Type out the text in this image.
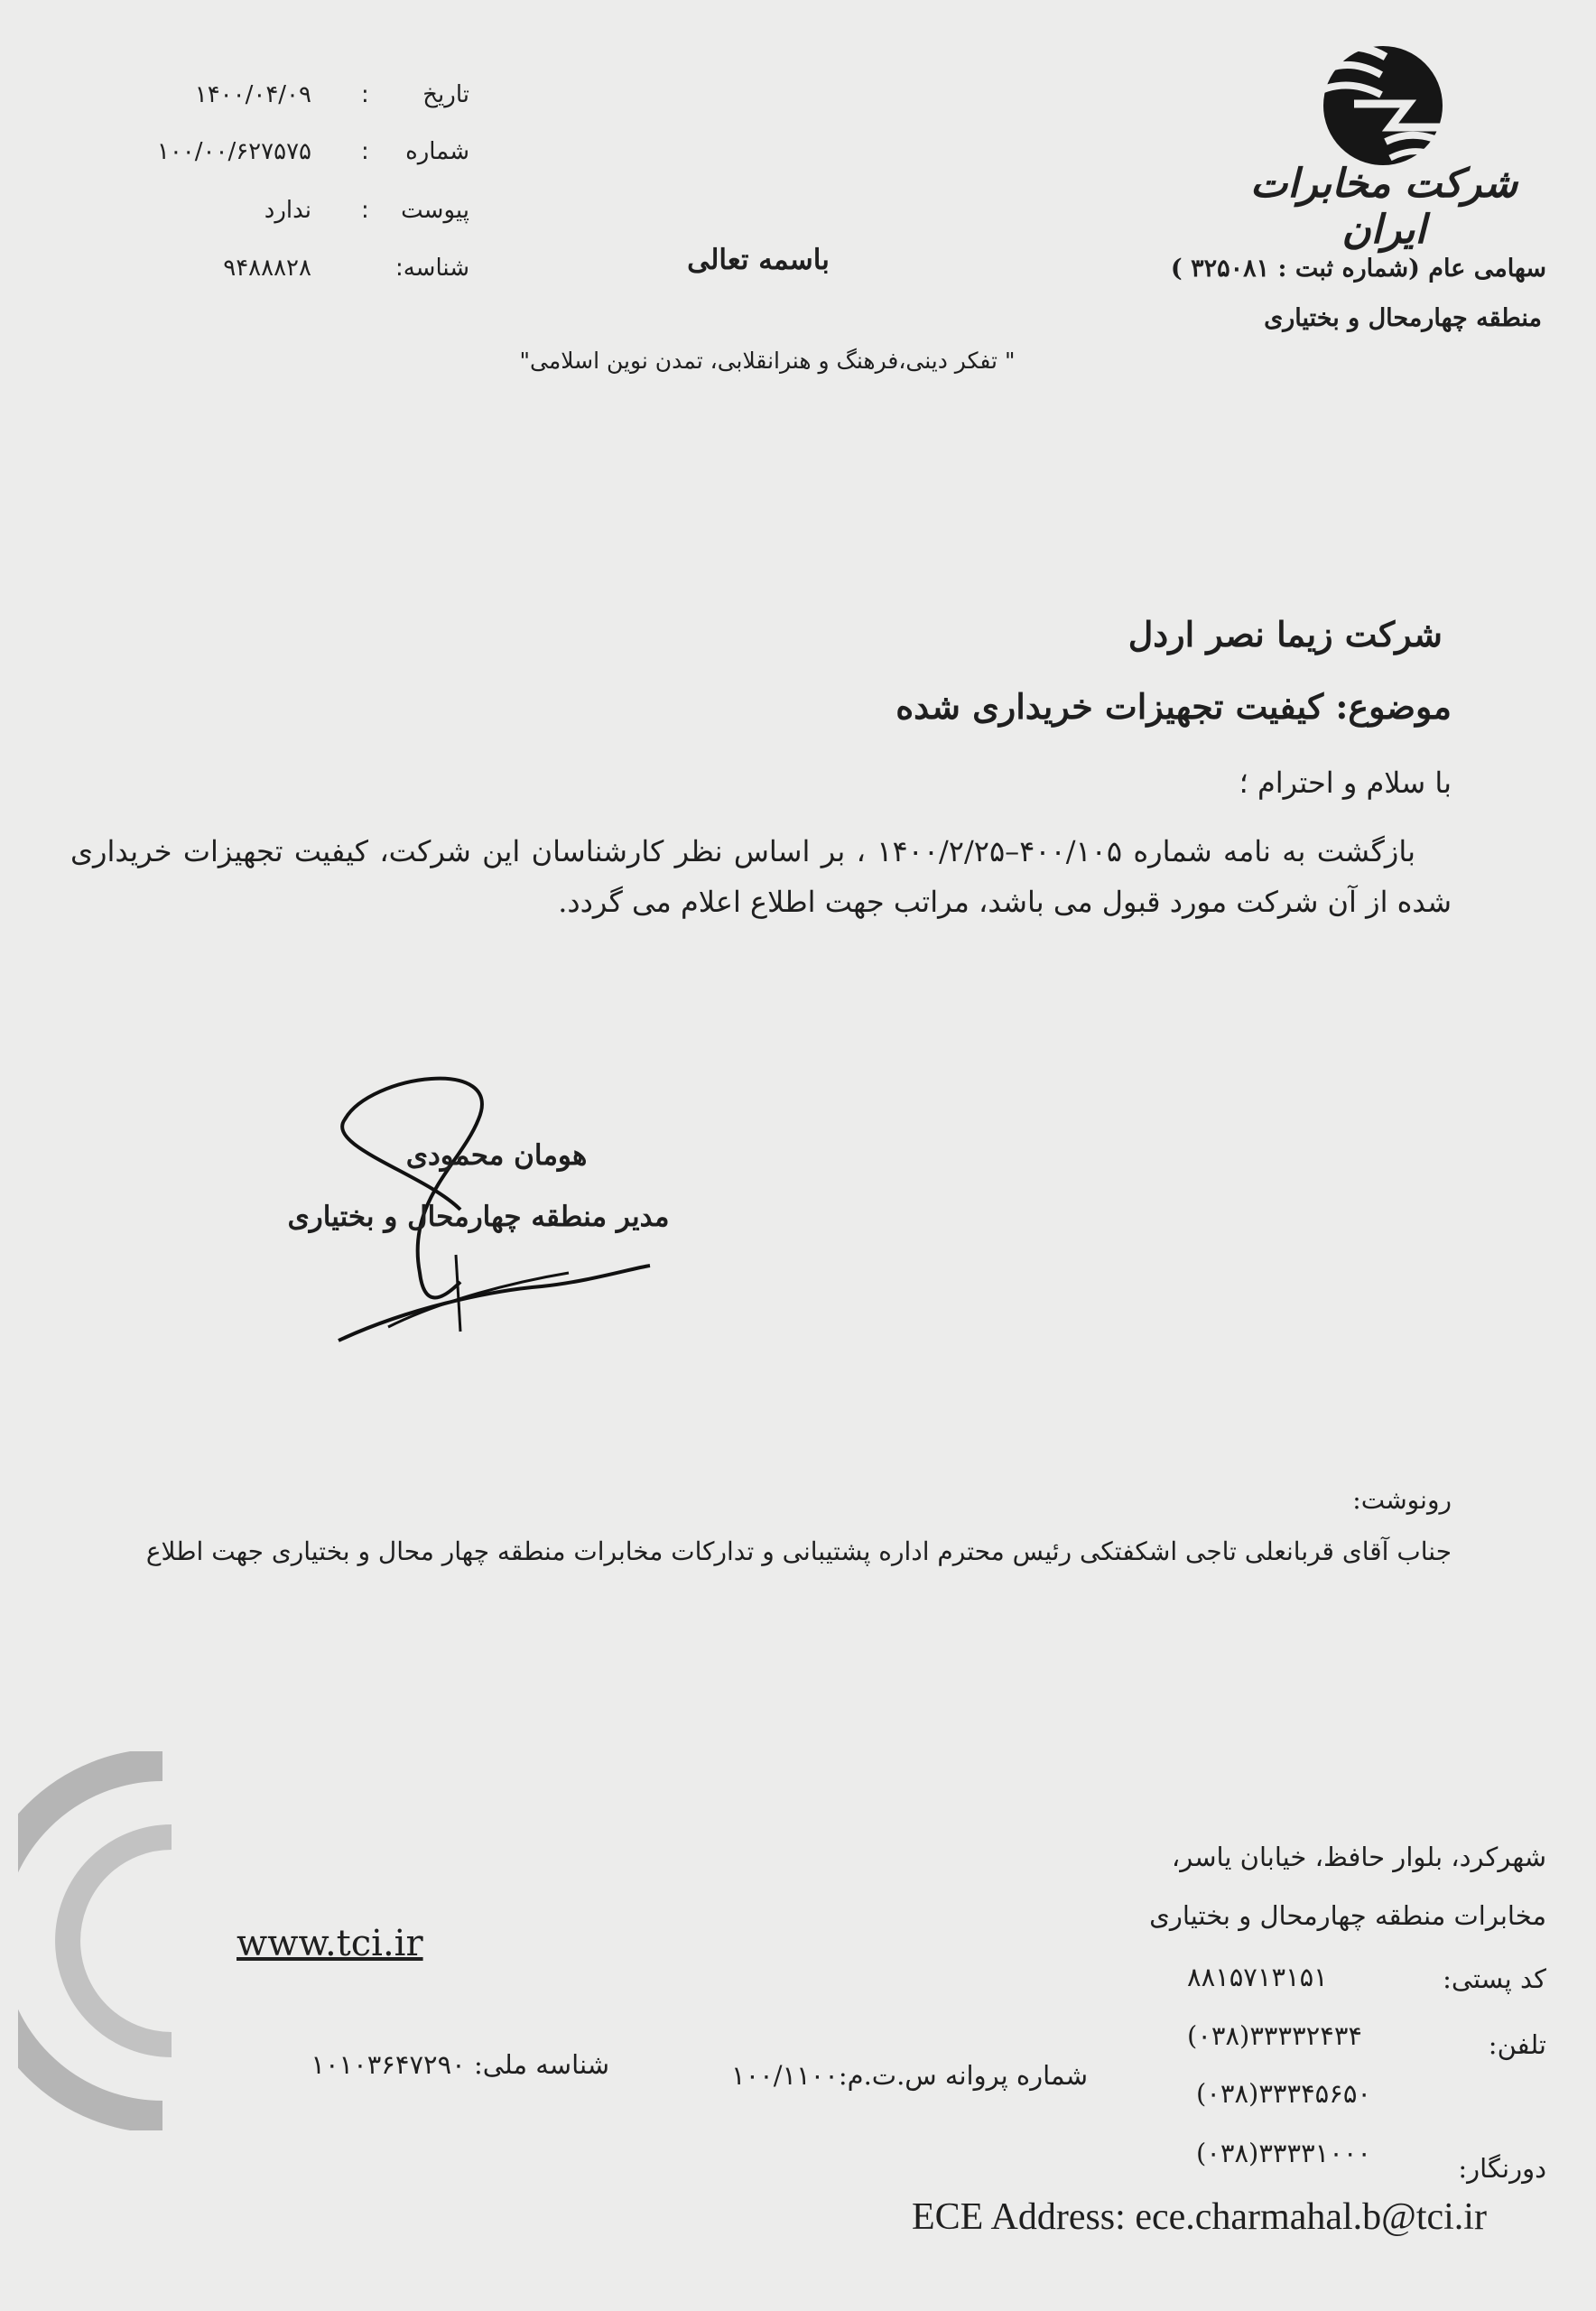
شرکت مخابرات ایران
سهامی عام (شماره ثبت : ۳۲۵۰۸۱ )
منطقه چهارمحال و بختیاری
تاریخ
:
۱۴۰۰/۰۴/۰۹
شماره
:
۱۰۰/۰۰/۶۲۷۵۷۵
پیوست
:
ندارد
شناسه:
۹۴۸۸۸۲۸	باسمه تعالی
" تفکر دینی،فرهنگ و هنرانقلابی، تمدن نوین اسلامی"
شرکت زیما نصر اردل
موضوع: کیفیت تجهیزات خریداری شده
با سلام و احترام ؛
بازگشت به نامه شماره ۴۰۰/۱۰۵–۱۴۰۰/۲/۲۵ ، بر اساس نظر کارشناسان این شرکت، کیفیت تجهیزات خریداری شده از آن شرکت مورد قبول می باشد، مراتب جهت اطلاع اعلام می گردد.
هومان محمودی
مدیر منطقه چهارمحال و بختیاری
رونوشت:
جناب آقای قربانعلی تاجی اشکفتکی رئیس محترم اداره پشتیبانی و تدارکات مخابرات منطقه چهار محال و بختیاری جهت اطلاع
www.tci.ir
شهرکرد، بلوار حافظ، خیابان یاسر،
مخابرات منطقه چهارمحال و بختیاری
کد پستی:
۸۸۱۵۷۱۳۱۵۱
تلفن:
(۰۳۸)۳۳۳۳۲۴۳۴
(۰۳۸)۳۳۳۴۵۶۵۰
دورنگار:
(۰۳۸)۳۳۳۳۱۰۰۰
شماره پروانه س.ت.م:۱۰۰/۱۱۰۰
شناسه ملی: ۱۰۱۰۳۶۴۷۲۹۰
ECE Address: ece.charmahal.b@tci.ir
